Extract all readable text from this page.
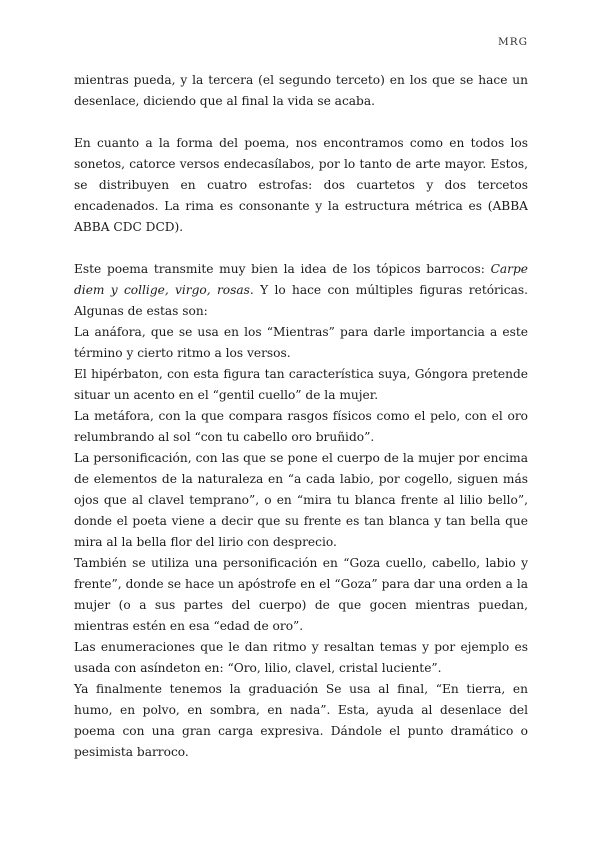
MRG

mientras pueda, y la tercera (el segundo terceto) en los que se hace un desenlace, diciendo que al final la vida se acaba.

En cuanto a la forma del poema, nos encontramos como en todos los sonetos, catorce versos endecasílabos, por lo tanto de arte mayor. Estos, se distribuyen en cuatro estrofas: dos cuartetos y dos tercetos encadenados. La rima es consonante y la estructura métrica es (ABBA ABBA CDC DCD).

Este poema transmite muy bien la idea de los tópicos barrocos: Carpe diem y collige, virgo, rosas. Y lo hace con múltiples figuras retóricas. Algunas de estas son:

La anáfora, que se usa en los “Mientras” para darle importancia a este término y cierto ritmo a los versos.

El hipérbaton, con esta figura tan característica suya, Góngora pretende situar un acento en el “gentil cuello” de la mujer.

La metáfora, con la que compara rasgos físicos como el pelo, con el oro relumbrando al sol “con tu cabello oro bruñido”.

La personificación, con las que se pone el cuerpo de la mujer por encima de elementos de la naturaleza en “a cada labio, por cogello, siguen más ojos que al clavel temprano”, o en “mira tu blanca frente al lilio bello”, donde el poeta viene a decir que su frente es tan blanca y tan bella que mira al la bella flor del lirio con desprecio.

También se utiliza una personificación en “Goza cuello, cabello, labio y frente”, donde se hace un apóstrofe en el “Goza” para dar una orden a la mujer (o a sus partes del cuerpo) de que gocen mientras puedan, mientras estén en esa “edad de oro”.

Las enumeraciones que le dan ritmo y resaltan temas y por ejemplo es usada con asíndeton en: “Oro, lilio, clavel, cristal luciente”.

Ya finalmente tenemos la graduación Se usa al final, “En tierra, en humo, en polvo, en sombra, en nada”. Esta, ayuda al desenlace del poema con una gran carga expresiva. Dándole el punto dramático o pesimista barroco.
